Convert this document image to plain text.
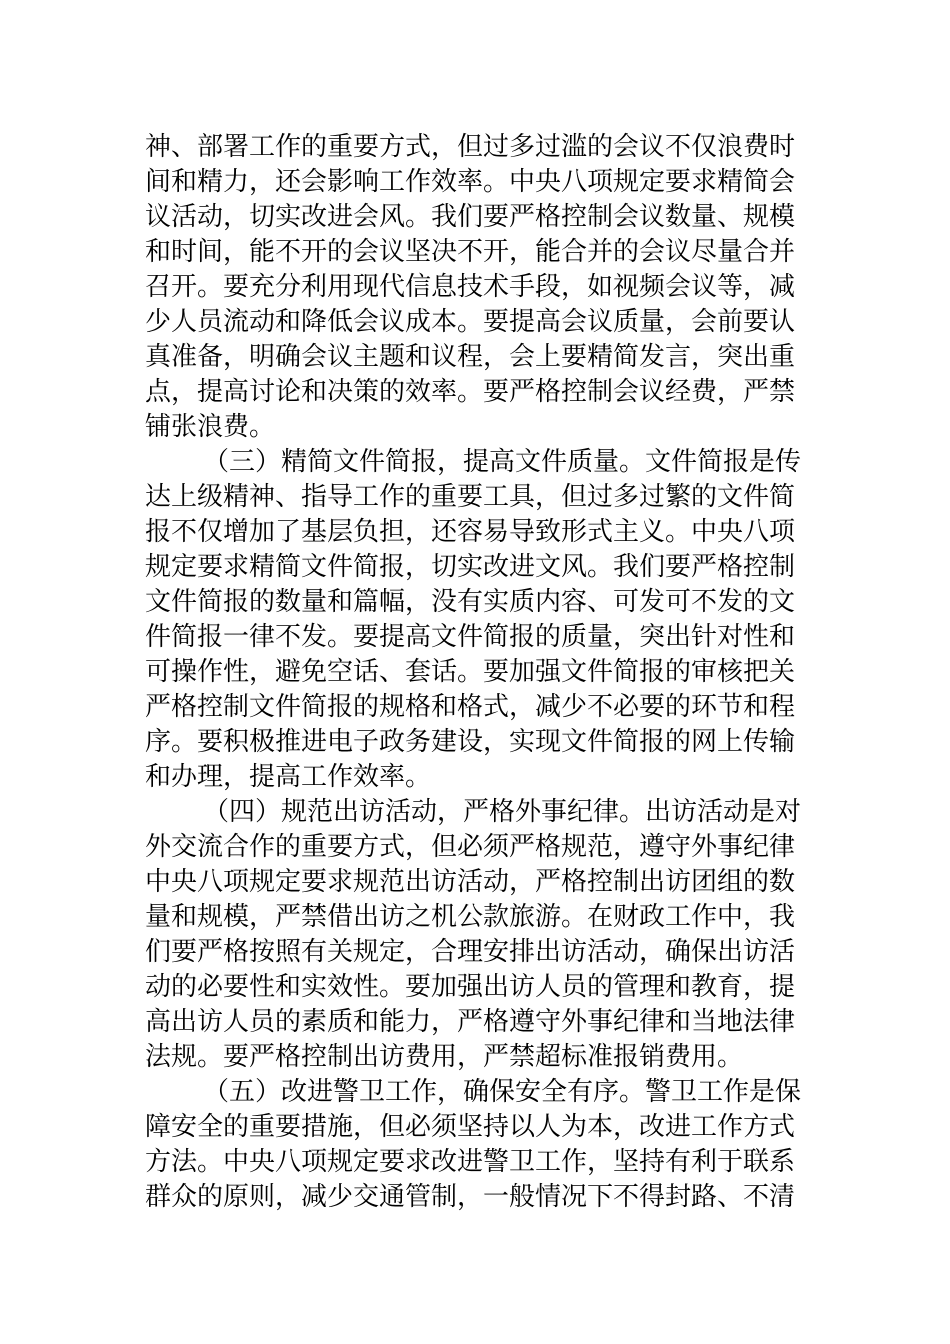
神、部署工作的重要方式，但过多过滥的会议不仅浪费时
间和精力，还会影响工作效率。中央八项规定要求精简会
议活动，切实改进会风。我们要严格控制会议数量、规模
和时间，能不开的会议坚决不开，能合并的会议尽量合并
召开。要充分利用现代信息技术手段，如视频会议等，减
少人员流动和降低会议成本。要提高会议质量，会前要认
真准备，明确会议主题和议程，会上要精简发言，突出重
点，提高讨论和决策的效率。要严格控制会议经费，严禁
铺张浪费。
（三）精简文件简报，提高文件质量。文件简报是传
达上级精神、指导工作的重要工具，但过多过繁的文件简
报不仅增加了基层负担，还容易导致形式主义。中央八项
规定要求精简文件简报，切实改进文风。我们要严格控制
文件简报的数量和篇幅，没有实质内容、可发可不发的文
件简报一律不发。要提高文件简报的质量，突出针对性和
可操作性，避免空话、套话。要加强文件简报的审核把关
严格控制文件简报的规格和格式，减少不必要的环节和程
序。要积极推进电子政务建设，实现文件简报的网上传输
和办理，提高工作效率。
（四）规范出访活动，严格外事纪律。出访活动是对
外交流合作的重要方式，但必须严格规范，遵守外事纪律
中央八项规定要求规范出访活动，严格控制出访团组的数
量和规模，严禁借出访之机公款旅游。在财政工作中，我
们要严格按照有关规定，合理安排出访活动，确保出访活
动的必要性和实效性。要加强出访人员的管理和教育，提
高出访人员的素质和能力，严格遵守外事纪律和当地法律
法规。要严格控制出访费用，严禁超标准报销费用。
（五）改进警卫工作，确保安全有序。警卫工作是保
障安全的重要措施，但必须坚持以人为本，改进工作方式
方法。中央八项规定要求改进警卫工作，坚持有利于联系
群众的原则，减少交通管制，一般情况下不得封路、不清
